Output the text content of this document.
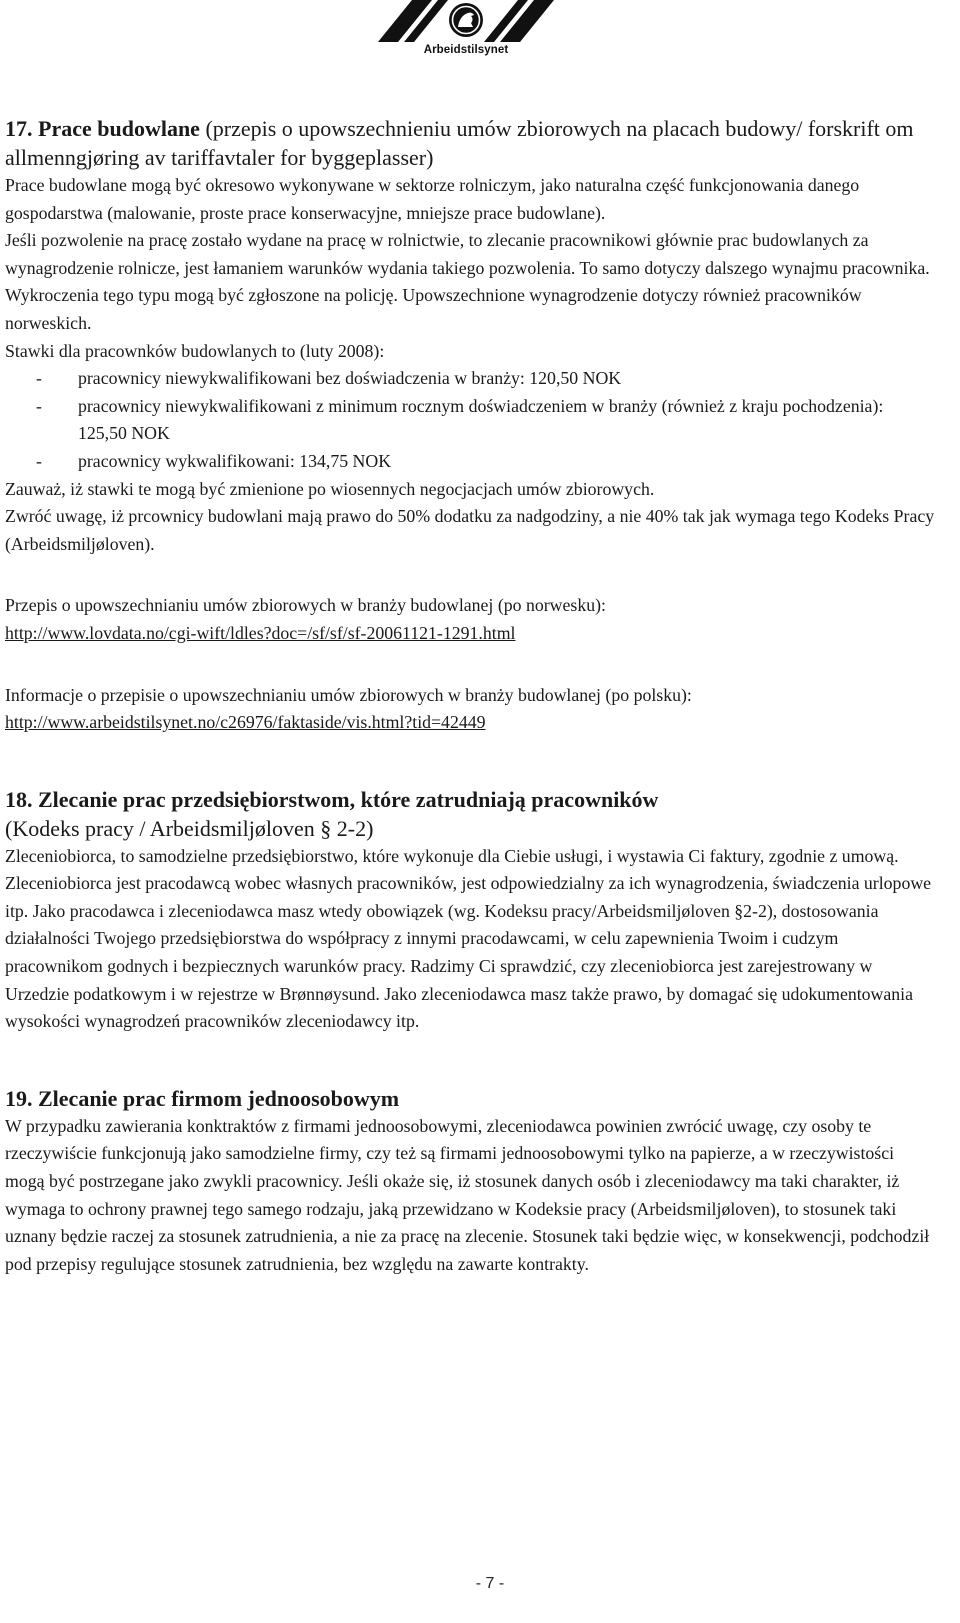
Arbeidstilsynet

17. Prace budowlane (przepis o upowszechnieniu umów zbiorowych na placach budowy/ forskrift om allmenngjøring av tariffavtaler for byggeplasser)

Prace budowlane mogą być okresowo wykonywane w sektorze rolniczym, jako naturalna część funkcjonowania danego gospodarstwa (malowanie, proste prace konserwacyjne, mniejsze prace budowlane).

Jeśli pozwolenie na pracę zostało wydane na pracę w rolnictwie, to zlecanie pracownikowi głównie prac budowlanych za wynagrodzenie rolnicze, jest łamaniem warunków wydania takiego pozwolenia. To samo dotyczy dalszego wynajmu pracownika. Wykroczenia tego typu mogą być zgłoszone na policję. Upowszechnione wynagrodzenie dotyczy również pracowników norweskich.

Stawki dla pracownków budowlanych to (luty 2008):

- pracownicy niewykwalifikowani bez doświadczenia w branży: 120,50 NOK
- pracownicy niewykwalifikowani z minimum rocznym doświadczeniem w branży (również z kraju pochodzenia): 125,50 NOK
- pracownicy wykwalifikowani: 134,75 NOK

Zauważ, iż stawki te mogą być zmienione po wiosennych negocjacjach umów zbiorowych.

Zwróć uwagę, iż prcownicy budowlani mają prawo do 50% dodatku za nadgodziny, a nie 40% tak jak wymaga tego Kodeks Pracy (Arbeidsmiljøloven).

Przepis o upowszechnianiu umów zbiorowych w branży budowlanej (po norwesku):

http://www.lovdata.no/cgi-wift/ldles?doc=/sf/sf/sf-20061121-1291.html

Informacje o przepisie o upowszechnianiu umów zbiorowych w branży budowlanej (po polsku):

http://www.arbeidstilsynet.no/c26976/faktaside/vis.html?tid=42449

18. Zlecanie prac przedsiębiorstwom, które zatrudniają pracowników

(Kodeks pracy / Arbeidsmiljøloven § 2-2)

Zleceniobiorca, to samodzielne przedsiębiorstwo, które wykonuje dla Ciebie usługi, i wystawia Ci faktury, zgodnie z umową. Zleceniobiorca jest pracodawcą wobec własnych pracowników, jest odpowiedzialny za ich wynagrodzenia, świadczenia urlopowe itp. Jako pracodawca i zleceniodawca masz wtedy obowiązek (wg. Kodeksu pracy/Arbeidsmiljøloven §2-2), dostosowania działalności Twojego przedsiębiorstwa do współpracy z innymi pracodawcami, w celu zapewnienia Twoim i cudzym pracownikom godnych i bezpiecznych warunków pracy. Radzimy Ci sprawdzić, czy zleceniobiorca jest zarejestrowany w Urzedzie podatkowym i w rejestrze w Brønnøysund. Jako zleceniodawca masz także prawo, by domagać się udokumentowania wysokości wynagrodzeń pracowników zleceniodawcy itp.

19. Zlecanie prac firmom jednoosobowym

W przypadku zawierania konktraktów z firmami jednoosobowymi, zleceniodawca powinien zwrócić uwagę, czy osoby te rzeczywiście funkcjonują jako samodzielne firmy, czy też są firmami jednoosobowymi tylko na papierze, a w rzeczywistości mogą być postrzegane jako zwykli pracownicy. Jeśli okaże się, iż stosunek danych osób i zleceniodawcy ma taki charakter, iż wymaga to ochrony prawnej tego samego rodzaju, jaką przewidzano w Kodeksie pracy (Arbeidsmiljøloven), to stosunek taki uznany będzie raczej za stosunek zatrudnienia, a nie za pracę na zlecenie. Stosunek taki będzie więc, w konsekwencji, podchodził pod przepisy regulujące stosunek zatrudnienia, bez względu na zawarte kontrakty.

- 7 -
